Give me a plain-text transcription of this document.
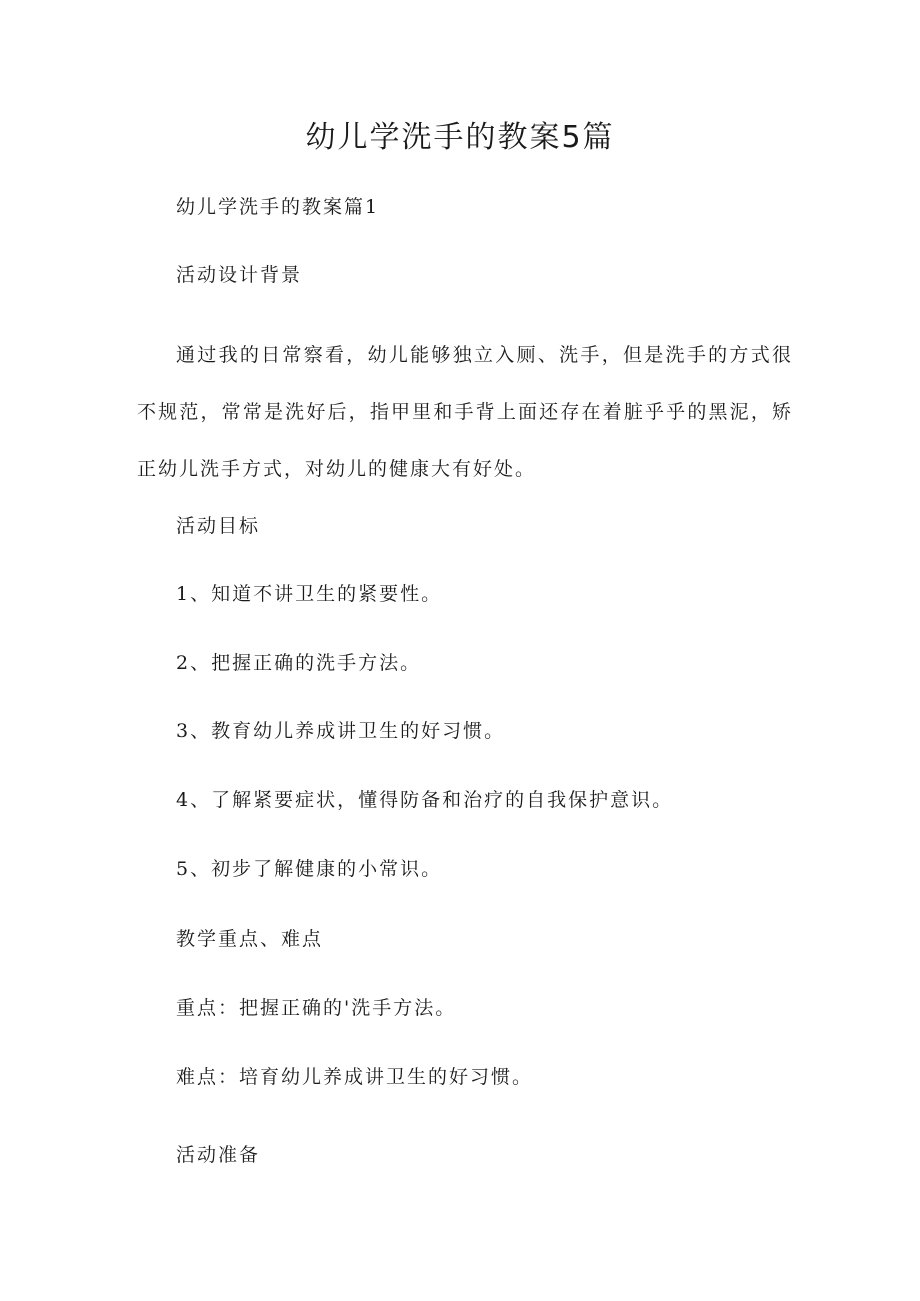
幼儿学洗手的教案5篇
幼儿学洗手的教案篇1
活动设计背景
通过我的日常察看，幼儿能够独立入厕、洗手，但是洗手的方式很不规范，常常是洗好后，指甲里和手背上面还存在着脏乎乎的黑泥，矫正幼儿洗手方式，对幼儿的健康大有好处。
活动目标
1、知道不讲卫生的紧要性。
2、把握正确的洗手方法。
3、教育幼儿养成讲卫生的好习惯。
4、了解紧要症状，懂得防备和治疗的自我保护意识。
5、初步了解健康的小常识。
教学重点、难点
重点：把握正确的'洗手方法。
难点：培育幼儿养成讲卫生的好习惯。
活动准备
